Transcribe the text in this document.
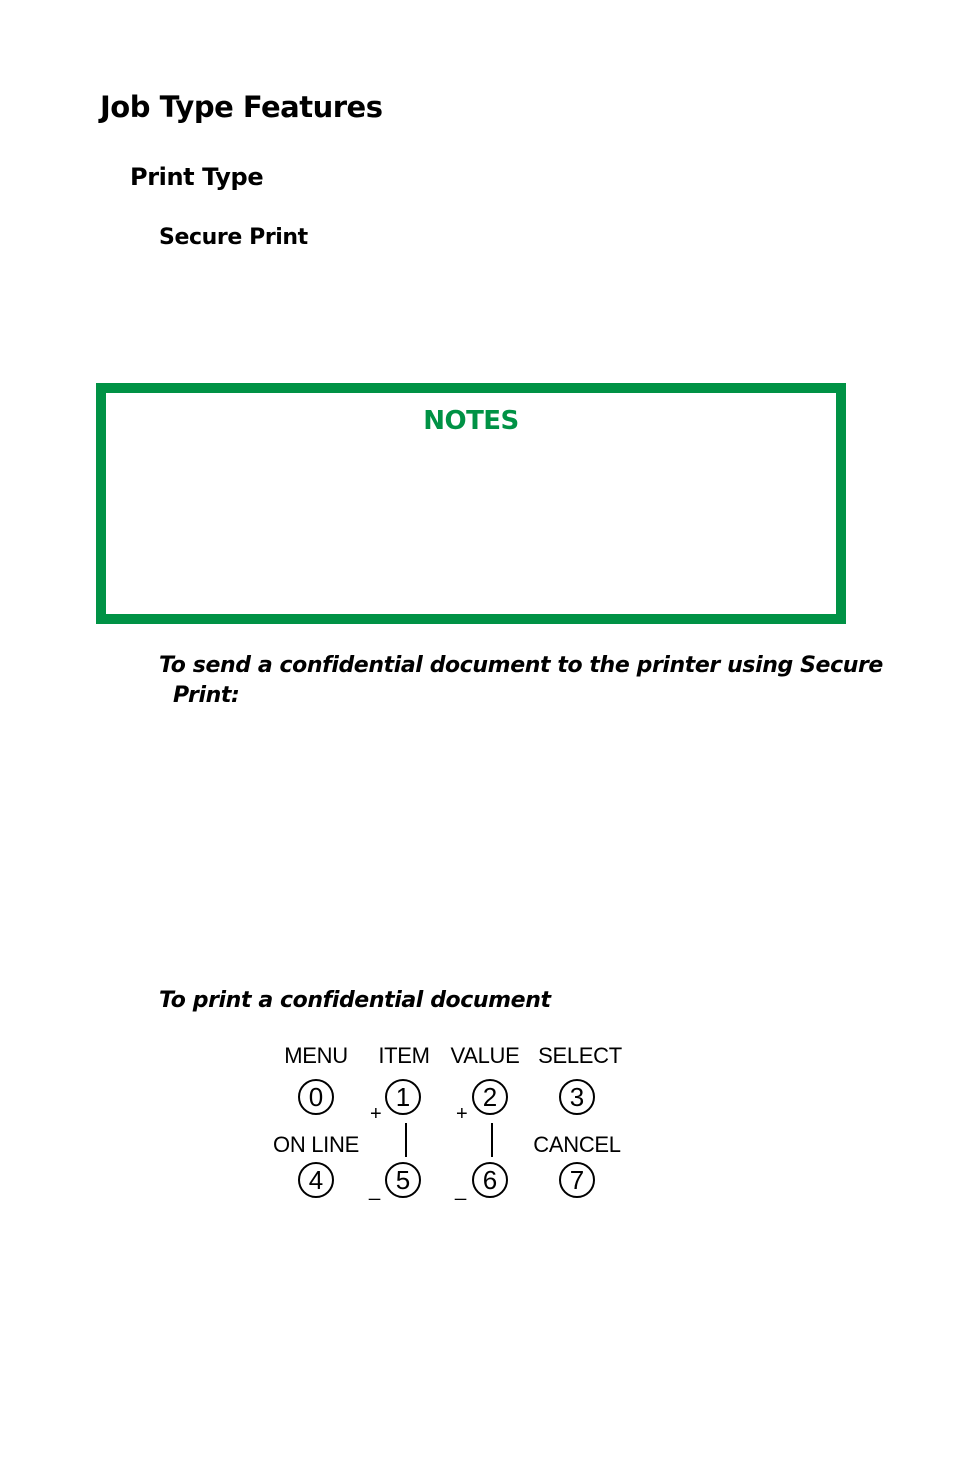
Job Type Features
Print Type
Secure Print
NOTES
To send a confidential document to the printer using Secure
Print:
To print a confidential document
MENU ITEM VALUE SELECT
0	1	2	3
+	+
ON LINE	CANCEL
4	5	6	7
_	_
